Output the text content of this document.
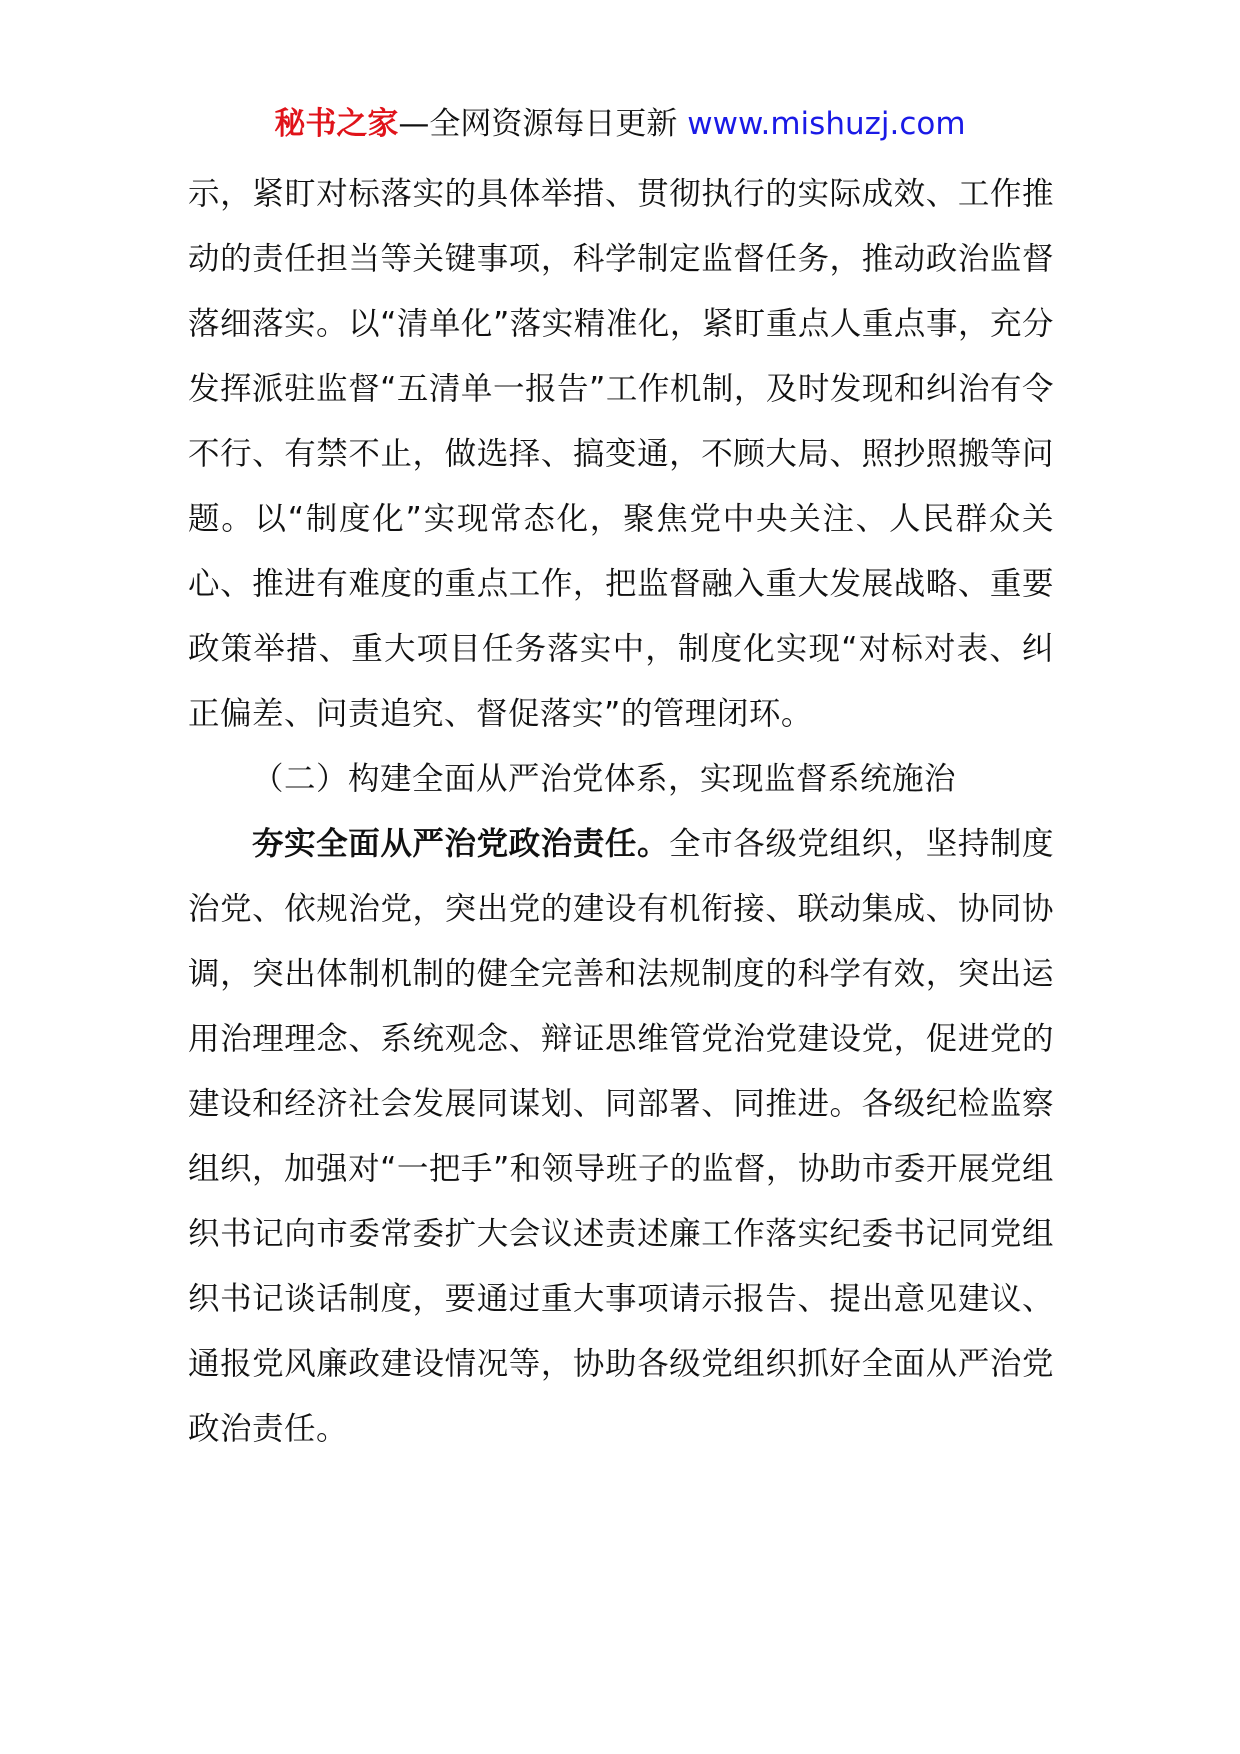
秘书之家—全网资源每日更新 www.mishuzj.com

示，紧盯对标落实的具体举措、贯彻执行的实际成效、工作推动的责任担当等关键事项，科学制定监督任务，推动政治监督落细落实。以“清单化”落实精准化，紧盯重点人重点事，充分发挥派驻监督“五清单一报告”工作机制，及时发现和纠治有令不行、有禁不止，做选择、搞变通，不顾大局、照抄照搬等问题。以“制度化”实现常态化，聚焦党中央关注、人民群众关心、推进有难度的重点工作，把监督融入重大发展战略、重要政策举措、重大项目任务落实中，制度化实现“对标对表、纠正偏差、问责追究、督促落实”的管理闭环。

（二）构建全面从严治党体系，实现监督系统施治

夯实全面从严治党政治责任。全市各级党组织，坚持制度治党、依规治党，突出党的建设有机衔接、联动集成、协同协调，突出体制机制的健全完善和法规制度的科学有效，突出运用治理理念、系统观念、辩证思维管党治党建设党，促进党的建设和经济社会发展同谋划、同部署、同推进。各级纪检监察组织，加强对“一把手”和领导班子的监督，协助市委开展党组织书记向市委常委扩大会议述责述廉工作落实纪委书记同党组织书记谈话制度，要通过重大事项请示报告、提出意见建议、通报党风廉政建设情况等，协助各级党组织抓好全面从严治党政治责任。
